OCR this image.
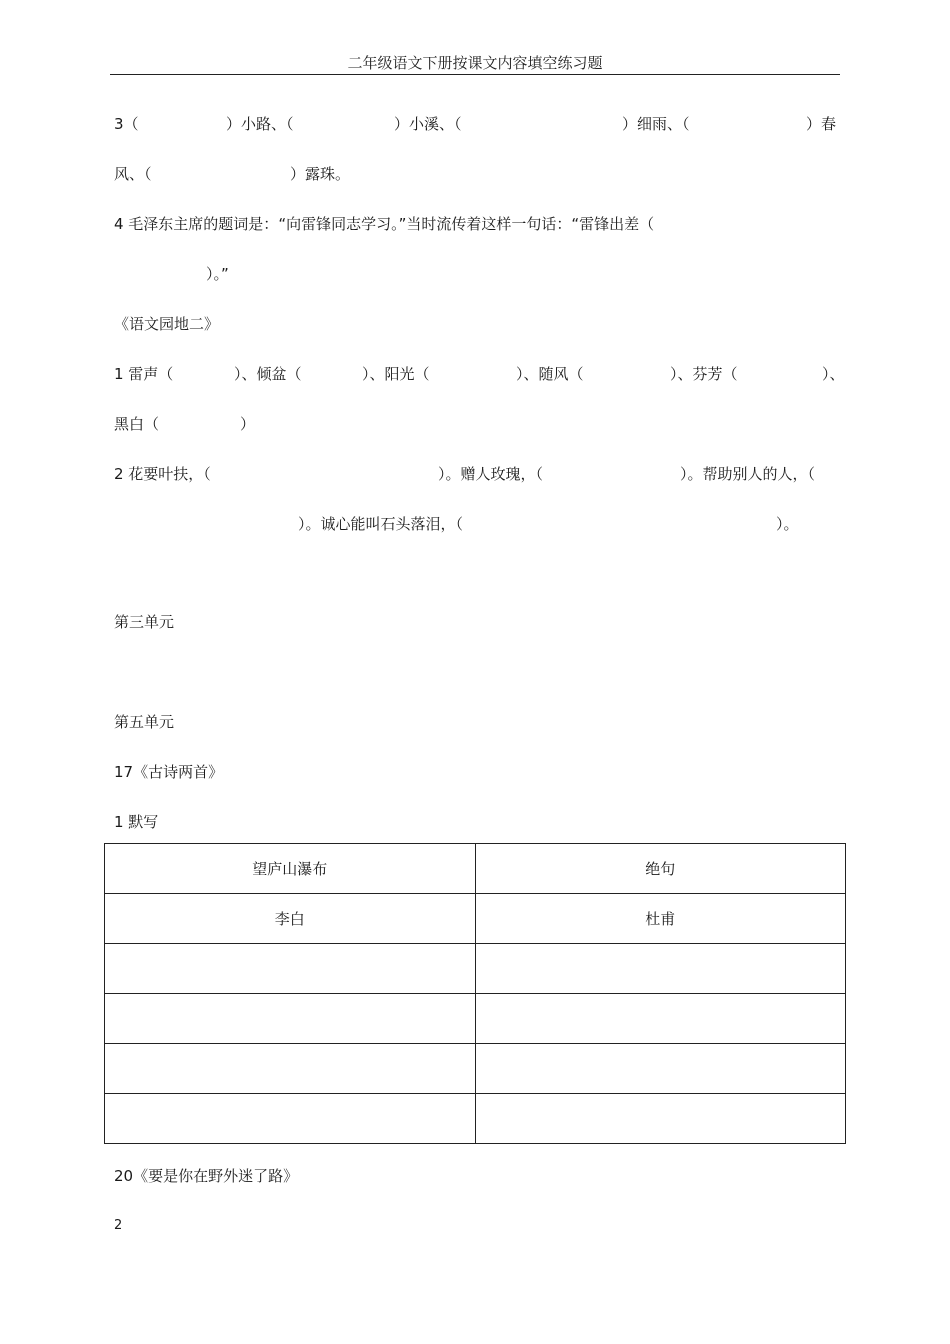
二年级语文下册按课文内容填空练习题
3（	）小路、（	）小溪、（	）细雨、（	）春
风、（	）露珠。
4 毛泽东主席的题词是：“向雷锋同志学习。”当时流传着这样一句话：“雷锋出差（
）。”
《语文园地二》
1 雷声（	）、倾盆（	）、阳光（	）、随风（	）、芬芳（	）、
黑白（	）
2 花要叶扶，（	）。赠人玫瑰，（	）。帮助别人的人，（
）。诚心能叫石头落泪，（	）。
第三单元
第五单元
17《古诗两首》
1 默写
望庐山瀑布	绝句
李白	杜甫

20《要是你在野外迷了路》
2
